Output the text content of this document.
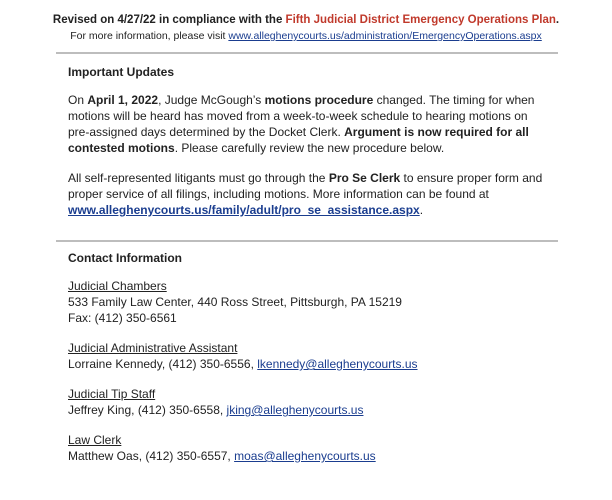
Revised on 4/27/22 in compliance with the Fifth Judicial District Emergency Operations Plan.
For more information, please visit www.alleghenycourts.us/administration/EmergencyOperations.aspx
Important Updates

On April 1, 2022, Judge McGough’s motions procedure changed. The timing for when motions will be heard has moved from a week-to-week schedule to hearing motions on pre-assigned days determined by the Docket Clerk. Argument is now required for all contested motions. Please carefully review the new procedure below.

All self-represented litigants must go through the Pro Se Clerk to ensure proper form and proper service of all filings, including motions. More information can be found at www.alleghenycourts.us/family/adult/pro_se_assistance.aspx.

Contact Information
Judicial Chambers
533 Family Law Center, 440 Ross Street, Pittsburgh, PA 15219
Fax: (412) 350-6561
Judicial Administrative Assistant
Lorraine Kennedy, (412) 350-6556, lkennedy@alleghenycourts.us
Judicial Tip Staff
Jeffrey King, (412) 350-6558, jking@alleghenycourts.us
Law Clerk
Matthew Oas, (412) 350-6557, moas@alleghenycourts.us
